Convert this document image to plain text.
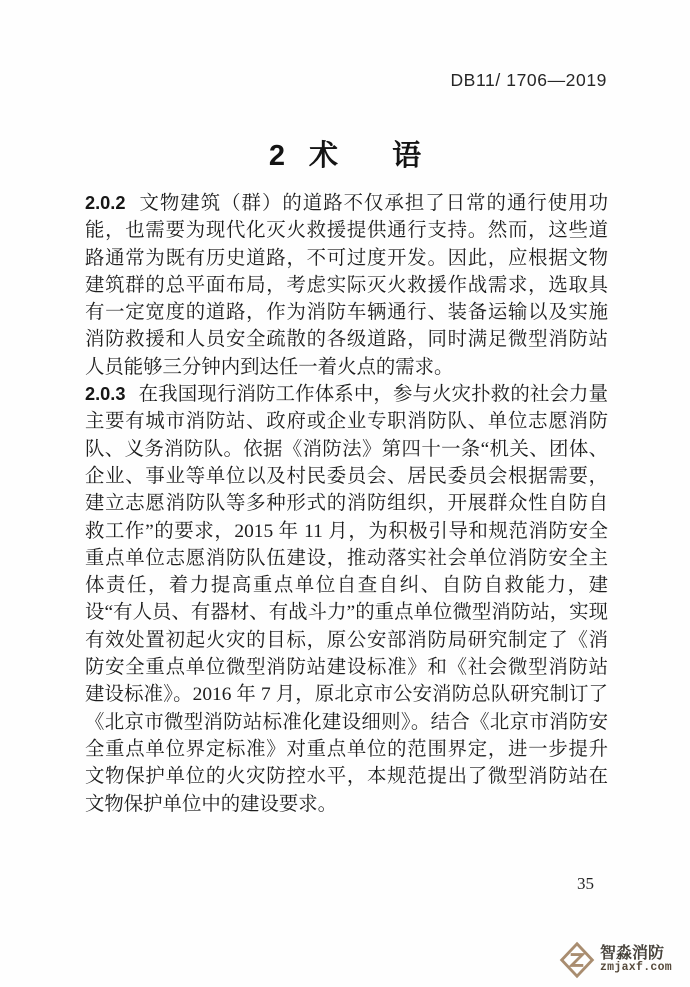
DB11/ 1706—2019
2 术 语

2.0.2 文物建筑（群）的道路不仅承担了日常的通行使用功能，也需要为现代化灭火救援提供通行支持。然而，这些道路通常为既有历史道路，不可过度开发。因此，应根据文物建筑群的总平面布局，考虑实际灭火救援作战需求，选取具有一定宽度的道路，作为消防车辆通行、装备运输以及实施消防救援和人员安全疏散的各级道路，同时满足微型消防站人员能够三分钟内到达任一着火点的需求。

2.0.3 在我国现行消防工作体系中，参与火灾扑救的社会力量主要有城市消防站、政府或企业专职消防队、单位志愿消防队、义务消防队。依据《消防法》第四十一条“机关、团体、企业、事业等单位以及村民委员会、居民委员会根据需要，建立志愿消防队等多种形式的消防组织，开展群众性自防自救工作”的要求，2015 年 11 月，为积极引导和规范消防安全重点单位志愿消防队伍建设，推动落实社会单位消防安全主体责任，着力提高重点单位自查自纠、自防自救能力，建设“有人员、有器材、有战斗力”的重点单位微型消防站，实现有效处置初起火灾的目标，原公安部消防局研究制定了《消防安全重点单位微型消防站建设标准》和《社会微型消防站建设标准》。2016 年 7 月，原北京市公安消防总队研究制订了《北京市微型消防站标准化建设细则》。结合《北京市消防安全重点单位界定标准》对重点单位的范围界定，进一步提升文物保护单位的火灾防控水平，本规范提出了微型消防站在文物保护单位中的建设要求。

35
智淼消防
zmjaxf.com
